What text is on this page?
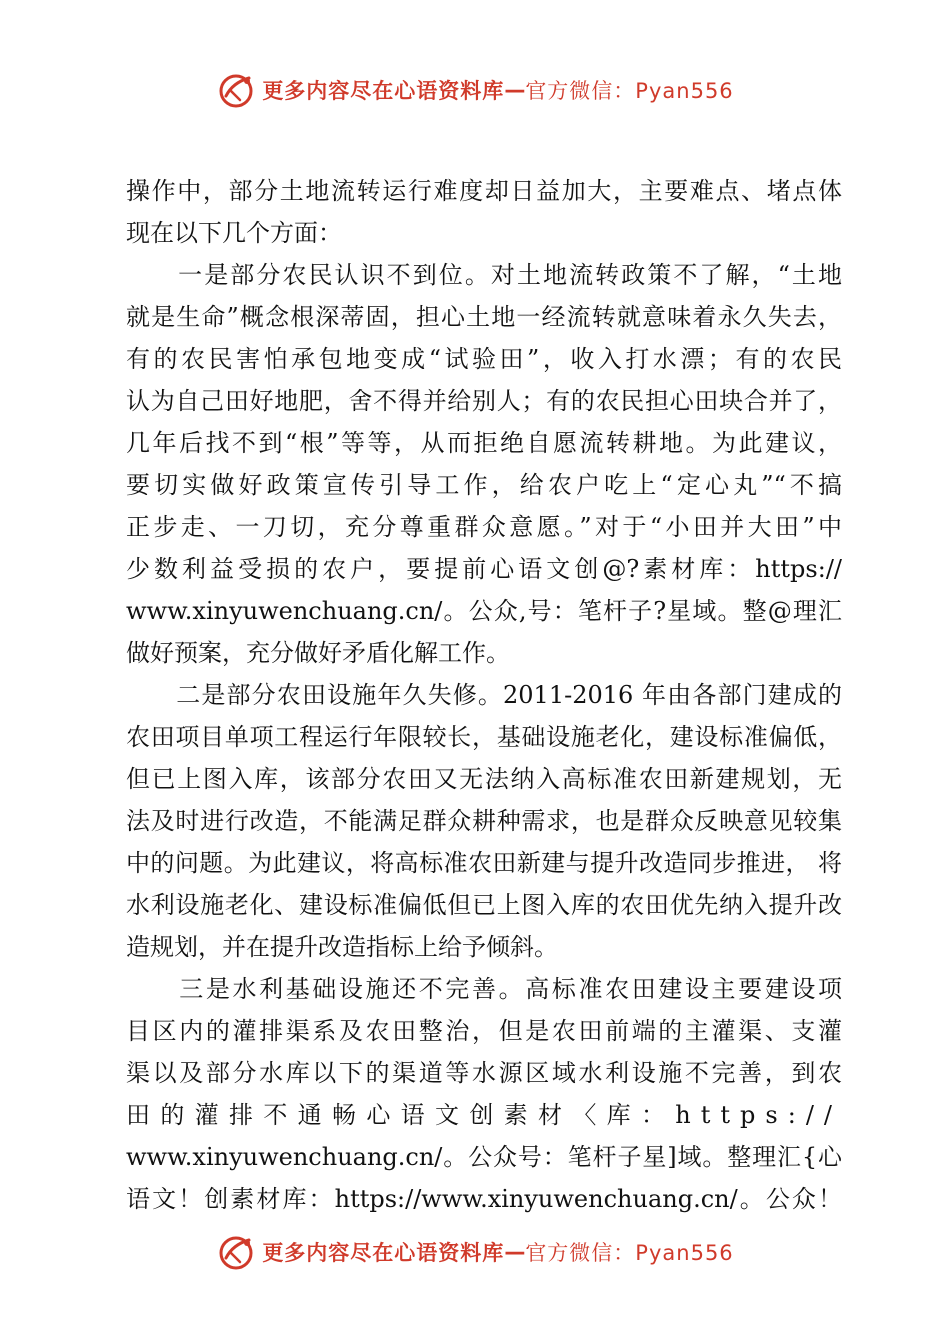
更多内容尽在心语资料库 — 官方微信：Pyan556
操作中，部分土地流转运行难度却日益加大，主要难点、堵点体
现在以下几个方面：
　　一是部分农民认识不到位。对土地流转政策不了解，“土地
就是生命”概念根深蒂固，担心土地一经流转就意味着永久失去，
有的农民害怕承包地变成“试验田”，收入打水漂；有的农民
认为自己田好地肥，舍不得并给别人；有的农民担心田块合并了，
几年后找不到“根”等等，从而拒绝自愿流转耕地。为此建议，
要切实做好政策宣传引导工作，给农户吃上“定心丸”“不搞
正步走、一刀切，充分尊重群众意愿。”对于“小田并大田”中
少数利益受损的农户，要提前心语文创@?素材库：https://
www.xinyuwenchuang.cn/。公众,号：笔杆子?星域。整@理汇
做好预案，充分做好矛盾化解工作。
　　二是部分农田设施年久失修。2011-2016 年由各部门建成的
农田项目单项工程运行年限较长，基础设施老化，建设标准偏低，
但已上图入库，该部分农田又无法纳入高标准农田新建规划，无
法及时进行改造，不能满足群众耕种需求，也是群众反映意见较集
中的问题。为此建议，将高标准农田新建与提升改造同步推进， 将
水利设施老化、建设标准偏低但已上图入库的农田优先纳入提升改
造规划，并在提升改造指标上给予倾斜。
　　三是水利基础设施还不完善。高标准农田建设主要建设项
目区内的灌排渠系及农田整治，但是农田前端的主灌渠、支灌
渠以及部分水库以下的渠道等水源区域水利设施不完善，到农
田的灌排不通畅心语文创素材〈库：https://
www.xinyuwenchuang.cn/。公众号：笔杆子星]域。整理汇{心
语文！创素材库：https://www.xinyuwenchuang.cn/。公众！
更多内容尽在心语资料库 — 官方微信：Pyan556
